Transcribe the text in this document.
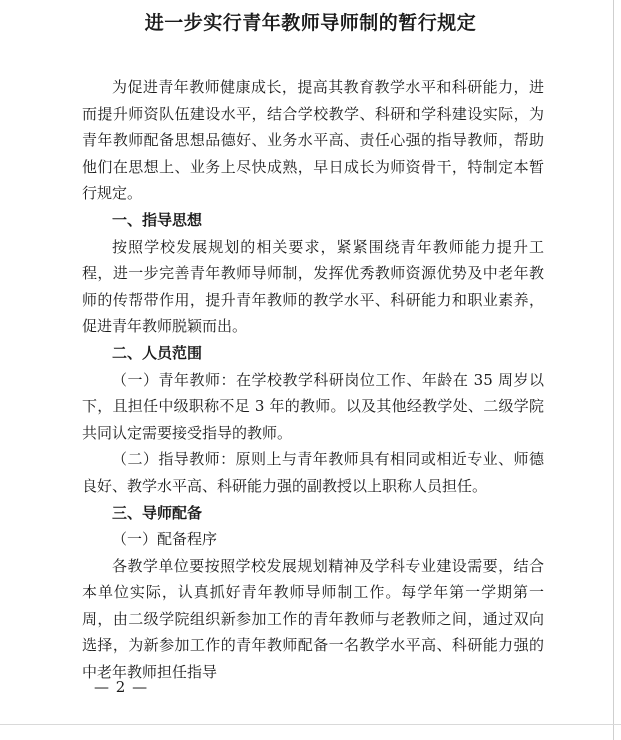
进一步实行青年教师导师制的暂行规定

为促进青年教师健康成长，提高其教育教学水平和科研能力，进而提升师资队伍建设水平，结合学校教学、科研和学科建设实际，为青年教师配备思想品德好、业务水平高、责任心强的指导教师，帮助他们在思想上、业务上尽快成熟，早日成长为师资骨干，特制定本暂行规定。

一、指导思想

按照学校发展规划的相关要求，紧紧围绕青年教师能力提升工程，进一步完善青年教师导师制，发挥优秀教师资源优势及中老年教师的传帮带作用，提升青年教师的教学水平、科研能力和职业素养，促进青年教师脱颖而出。

二、人员范围

（一）青年教师：在学校教学科研岗位工作、年龄在 35 周岁以下，且担任中级职称不足 3 年的教师。以及其他经教学处、二级学院共同认定需要接受指导的教师。

（二）指导教师：原则上与青年教师具有相同或相近专业、师德良好、教学水平高、科研能力强的副教授以上职称人员担任。

三、导师配备

（一）配备程序

各教学单位要按照学校发展规划精神及学科专业建设需要，结合本单位实际，认真抓好青年教师导师制工作。每学年第一学期第一周，由二级学院组织新参加工作的青年教师与老教师之间，通过双向选择，为新参加工作的青年教师配备一名教学水平高、科研能力强的中老年教师担任指导

— 2 —
